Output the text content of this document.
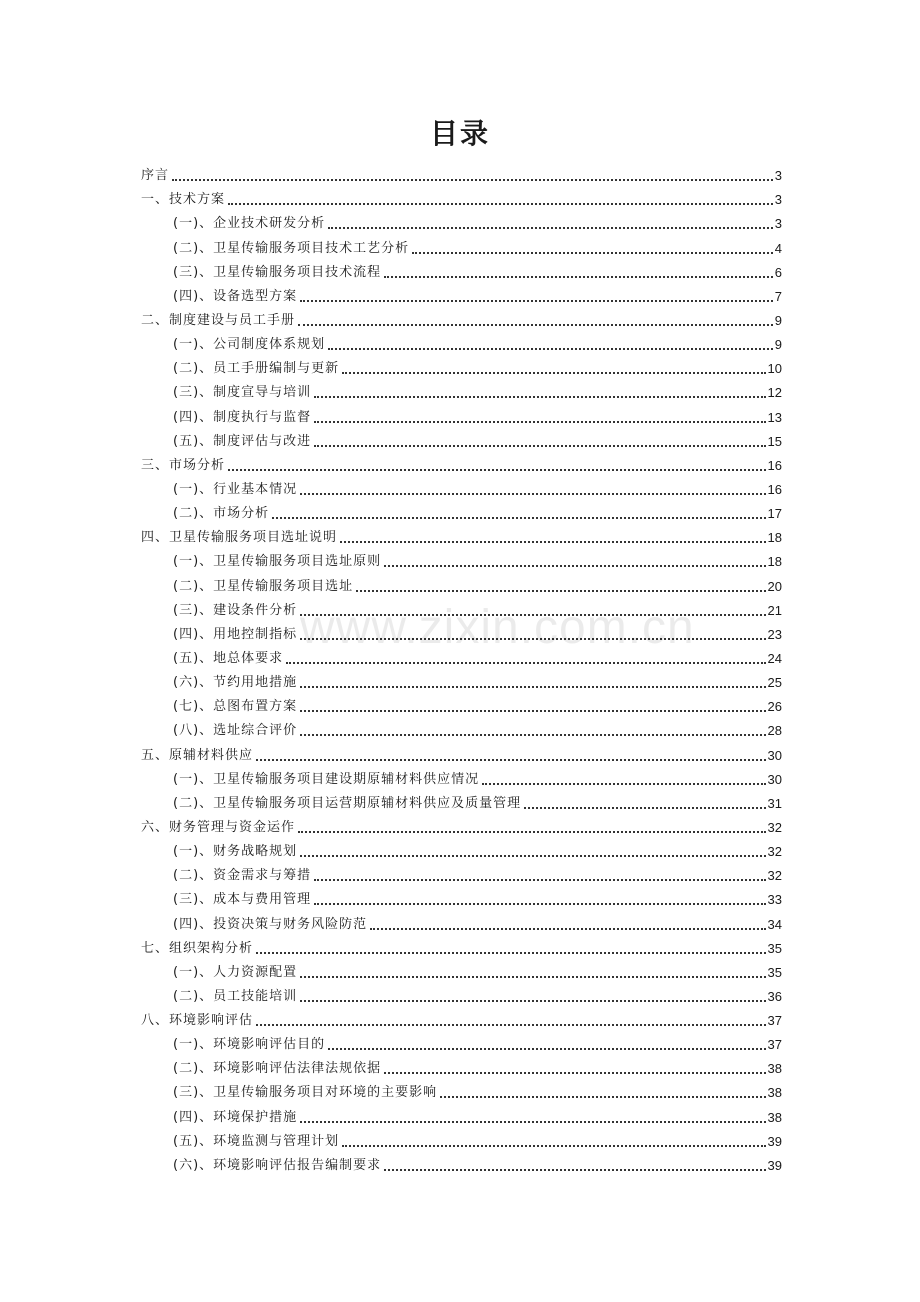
目录
序言	3
一、技术方案	3
(一)、企业技术研发分析	3
(二)、卫星传输服务项目技术工艺分析	4
(三)、卫星传输服务项目技术流程	6
(四)、设备选型方案	7
二、制度建设与员工手册	9
(一)、公司制度体系规划	9
(二)、员工手册编制与更新	10
(三)、制度宣导与培训	12
(四)、制度执行与监督	13
(五)、制度评估与改进	15
三、市场分析	16
(一)、行业基本情况	16
(二)、市场分析	17
四、卫星传输服务项目选址说明	18
(一)、卫星传输服务项目选址原则	18
(二)、卫星传输服务项目选址	20
(三)、建设条件分析	21
(四)、用地控制指标	23
(五)、地总体要求	24
(六)、节约用地措施	25
(七)、总图布置方案	26
(八)、选址综合评价	28
五、原辅材料供应	30
(一)、卫星传输服务项目建设期原辅材料供应情况	30
(二)、卫星传输服务项目运营期原辅材料供应及质量管理	31
六、财务管理与资金运作	32
(一)、财务战略规划	32
(二)、资金需求与筹措	32
(三)、成本与费用管理	33
(四)、投资决策与财务风险防范	34
七、组织架构分析	35
(一)、人力资源配置	35
(二)、员工技能培训	36
八、环境影响评估	37
(一)、环境影响评估目的	37
(二)、环境影响评估法律法规依据	38
(三)、卫星传输服务项目对环境的主要影响	38
(四)、环境保护措施	38
(五)、环境监测与管理计划	39
(六)、环境影响评估报告编制要求	39
www.zixin.com.cn
